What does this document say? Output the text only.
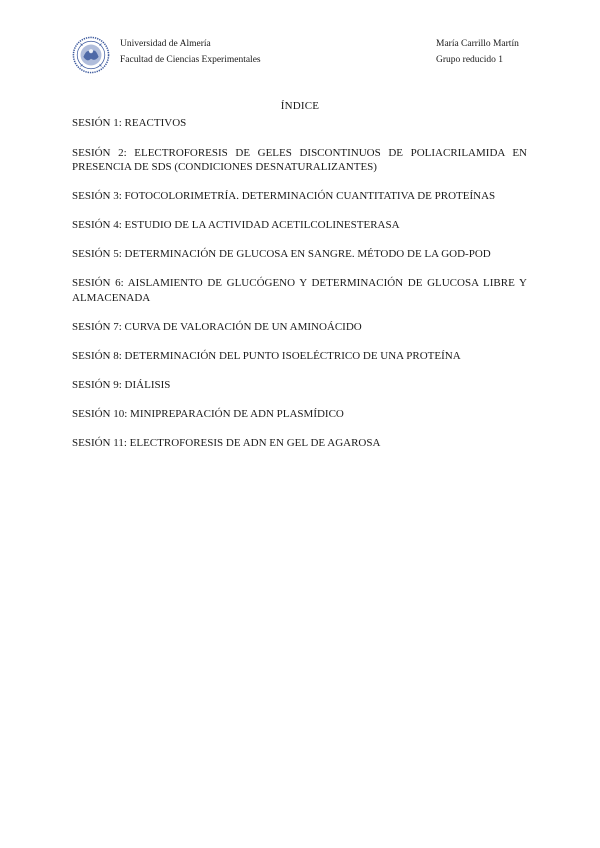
Universidad de Almería
Facultad de Ciencias Experimentales
María Carrillo Martín
Grupo reducido 1
ÍNDICE

SESIÓN 1: REACTIVOS

SESIÓN 2: ELECTROFORESIS DE GELES DISCONTINUOS DE POLIACRILAMIDA EN PRESENCIA DE SDS (CONDICIONES DESNATURALIZANTES)

SESIÓN 3: FOTOCOLORIMETRÍA. DETERMINACIÓN CUANTITATIVA DE PROTEÍNAS

SESIÓN 4: ESTUDIO DE LA ACTIVIDAD ACETILCOLINESTERASA

SESIÓN 5: DETERMINACIÓN DE GLUCOSA EN SANGRE. MÉTODO DE LA GOD-POD

SESIÓN 6: AISLAMIENTO DE GLUCÓGENO Y DETERMINACIÓN DE GLUCOSA LIBRE Y ALMACENADA

SESIÓN 7: CURVA DE VALORACIÓN DE UN AMINOÁCIDO

SESIÓN 8: DETERMINACIÓN DEL PUNTO ISOELÉCTRICO DE UNA PROTEÍNA

SESIÓN 9: DIÁLISIS

SESIÓN 10: MINIPREPARACIÓN DE ADN PLASMÍDICO

SESIÓN 11: ELECTROFORESIS DE ADN EN GEL DE AGAROSA
